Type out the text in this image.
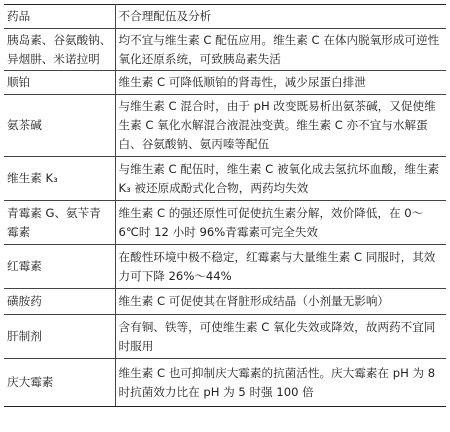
药品	不合理配伍及分析
胰岛素、谷氨酸钠、异烟肼、米诺拉明	均不宜与维生素 C 配伍应用。维生素 C 在体内脱氧形成可逆性氧化还原系统，可致胰岛素失活
顺铂	维生素 C 可降低顺铂的肾毒性，减少尿蛋白排泄
氨茶碱	与维生素 C 混合时，由于 pH 改变既易析出氨茶碱，又促使维生素 C 氧化水解混合液混浊变黄。维生素 C 亦不宜与水解蛋白、谷氨酸钠、氨丙嗪等配伍
维生素 K₃	与维生素 C 配伍时，维生素 C 被氧化成去氢抗坏血酸，维生素 K₃ 被还原成酚式化合物，两药均失效
青霉素 G、氨苄青霉素	维生素 C 的强还原性可促使抗生素分解，效价降低，在 0～6℃时 12 小时 96%青霉素可完全失效
红霉素	在酸性环境中极不稳定，红霉素与大量维生素 C 同服时，其效力可下降 26%～44%
磺胺药	维生素 C 可促使其在肾脏形成结晶（小剂量无影响）
肝制剂	含有铜、铁等，可使维生素 C 氧化失效或降效，故两药不宜同时服用
庆大霉素	维生素 C 也可抑制庆大霉素的抗菌活性。庆大霉素在 pH 为 8 时抗菌效力比在 pH 为 5 时强 100 倍
